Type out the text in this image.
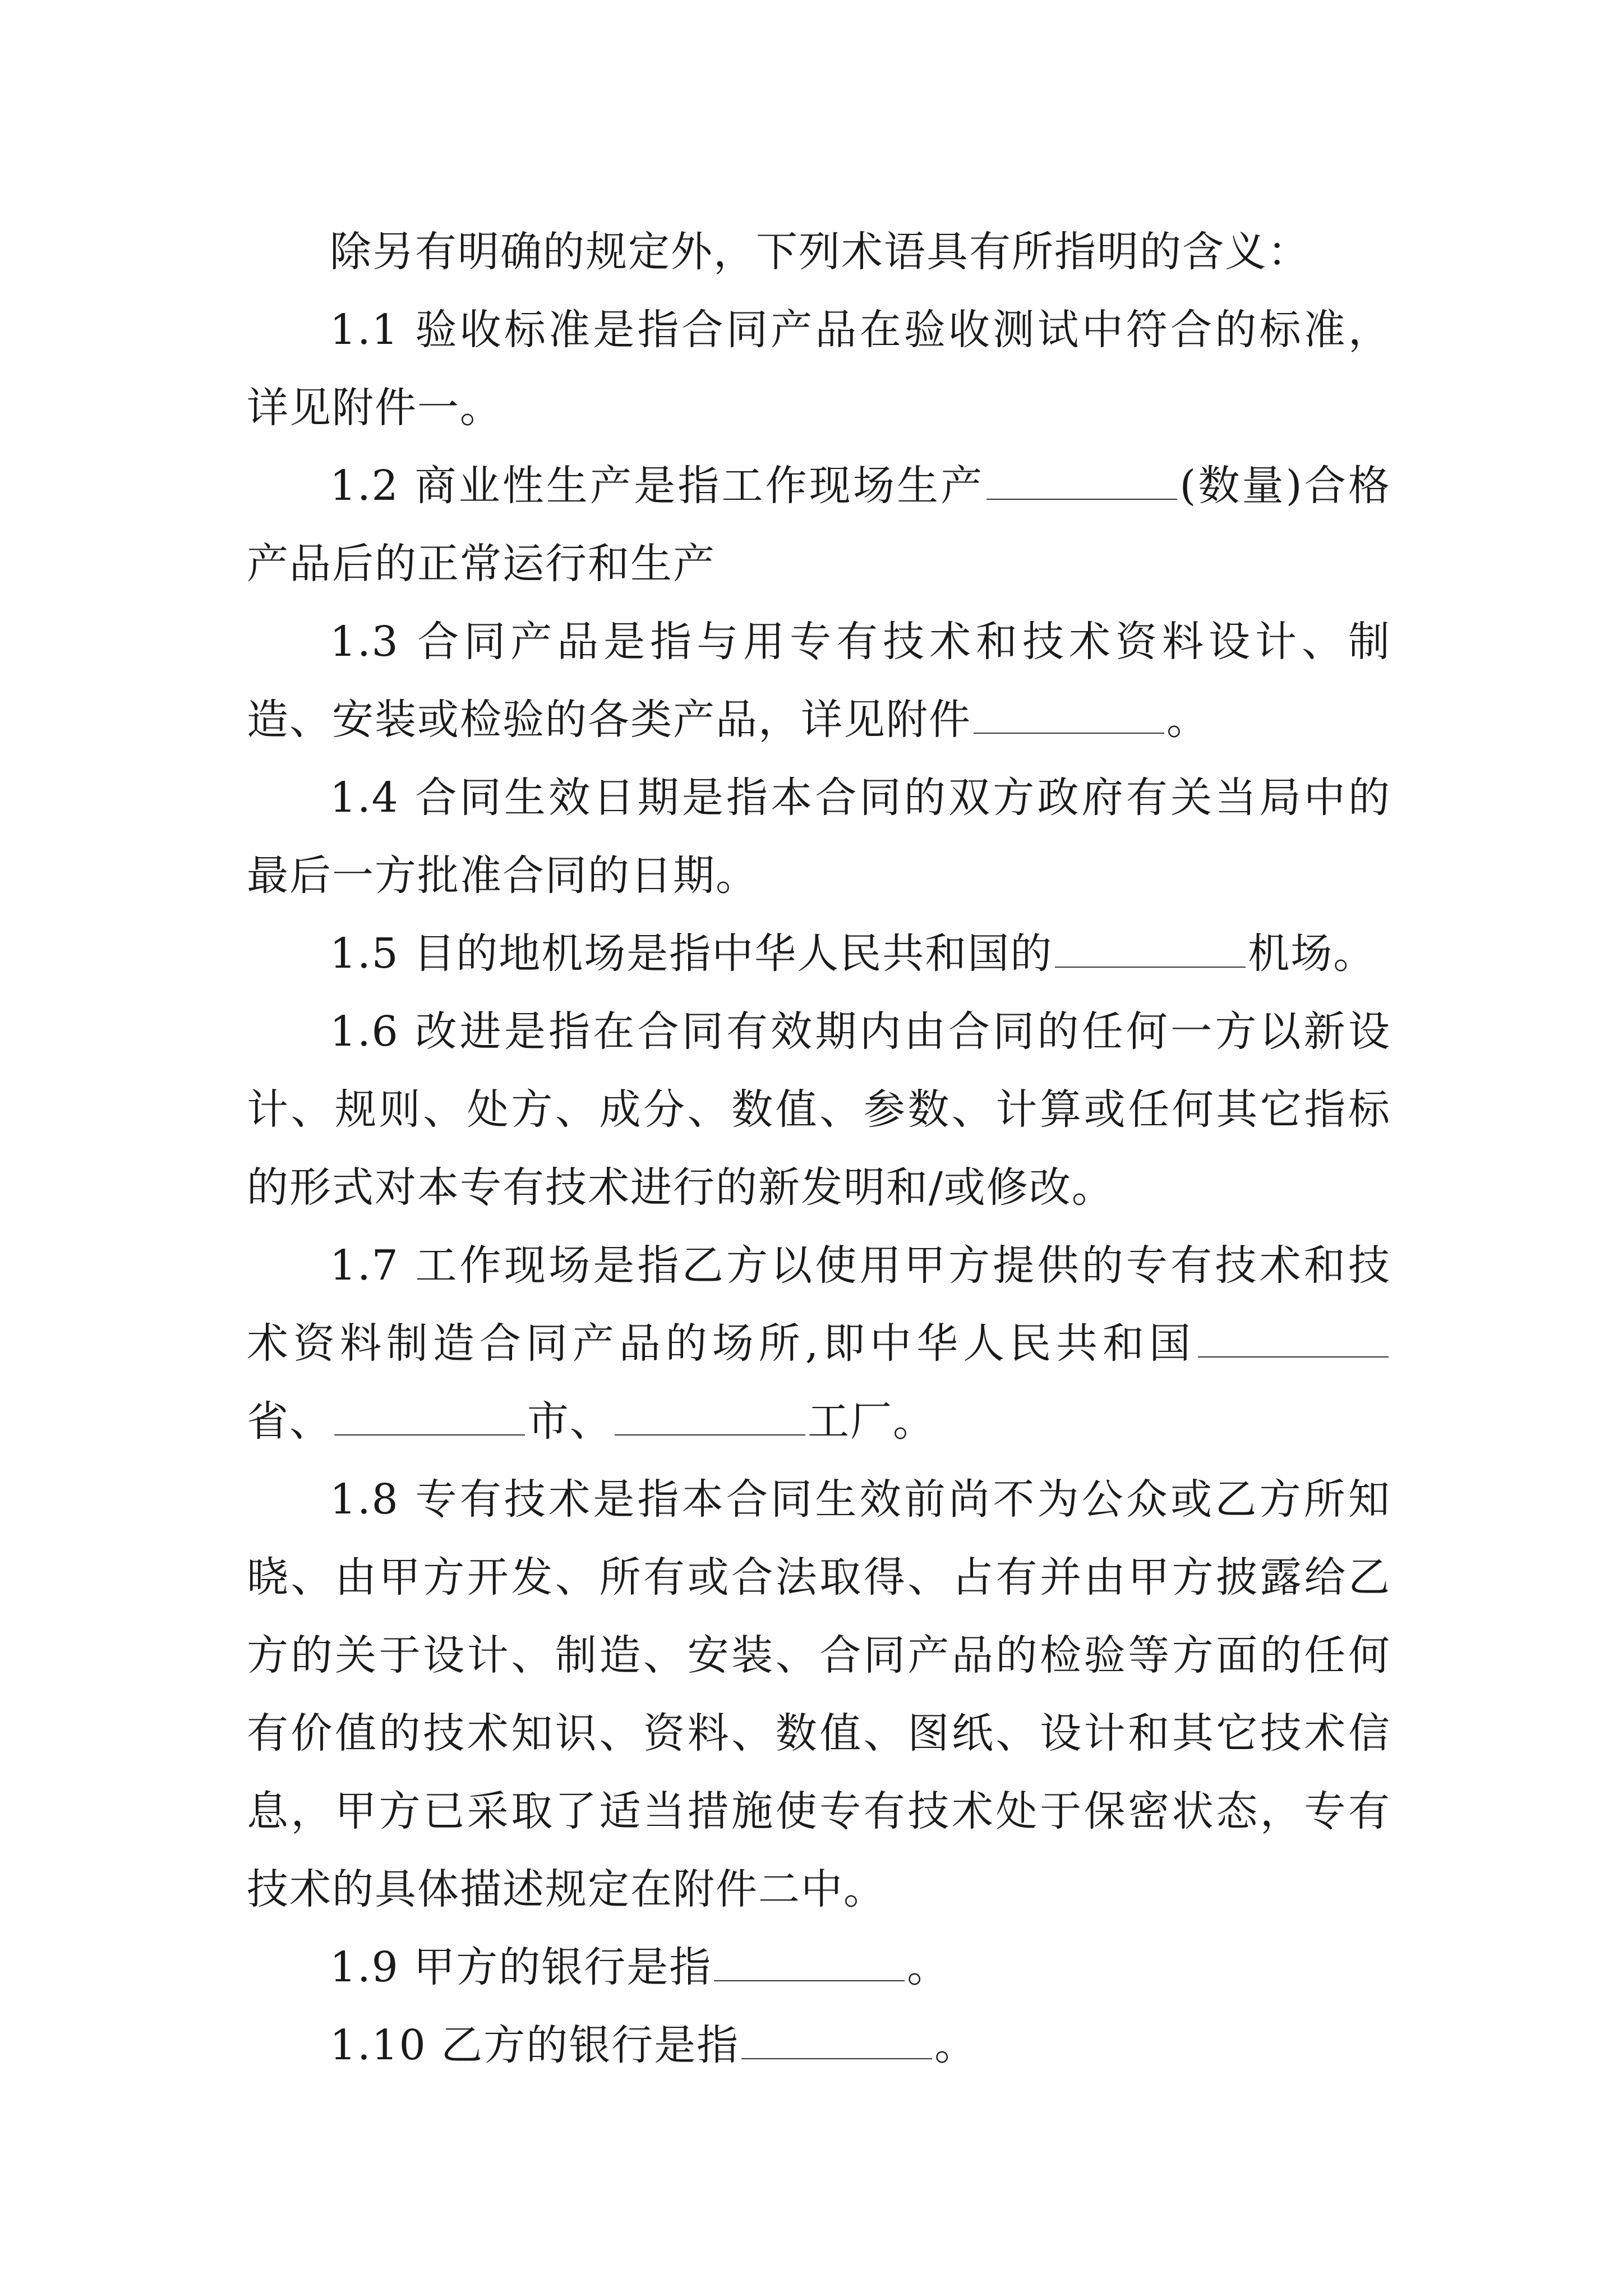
除另有明确的规定外，下列术语具有所指明的含义：

1.1 验收标准是指合同产品在验收测试中符合的标准，详见附件一。

1.2 商业性生产是指工作现场生产	(数量)合格产品后的正常运行和生产

1.3 合同产品是指与用专有技术和技术资料设计、制造、安装或检验的各类产品，详见附件	。

1.4 合同生效日期是指本合同的双方政府有关当局中的最后一方批准合同的日期。

1.5 目的地机场是指中华人民共和国的	机场。

1.6 改进是指在合同有效期内由合同的任何一方以新设计、规则、处方、成分、数值、参数、计算或任何其它指标的形式对本专有技术进行的新发明和/或修改。

1.7 工作现场是指乙方以使用甲方提供的专有技术和技术资料制造合同产品的场所,即中华人民共和国省、	市、	工厂。

1.8 专有技术是指本合同生效前尚不为公众或乙方所知晓、由甲方开发、所有或合法取得、占有并由甲方披露给乙方的关于设计、制造、安装、合同产品的检验等方面的任何有价值的技术知识、资料、数值、图纸、设计和其它技术信息，甲方已采取了适当措施使专有技术处于保密状态，专有技术的具体描述规定在附件二中。

1.9 甲方的银行是指	。

1.10 乙方的银行是指	。
